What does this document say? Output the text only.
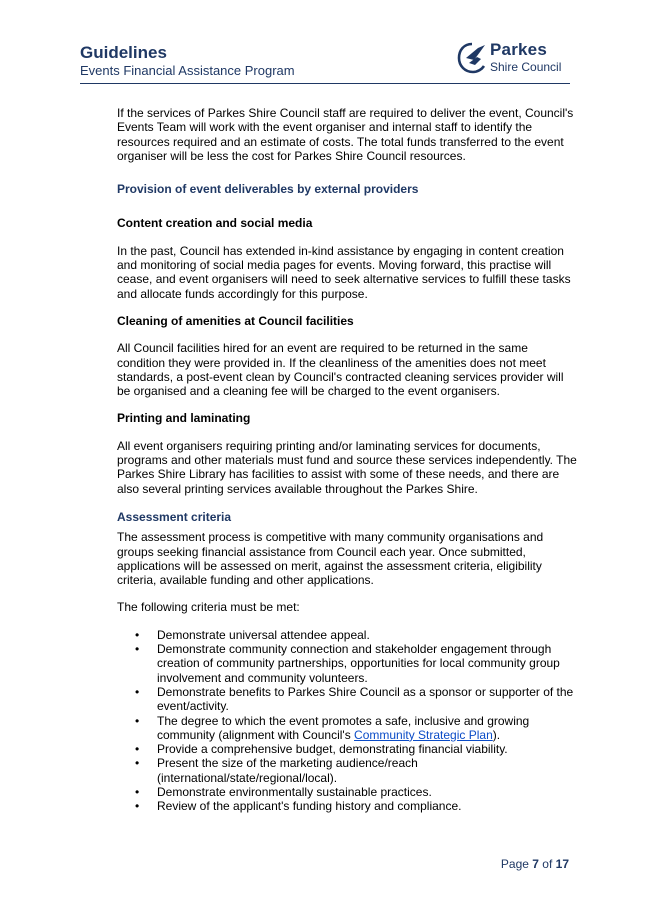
Guidelines
Events Financial Assistance Program
Parkes
Shire Council

If the services of Parkes Shire Council staff are required to deliver the event, Council's Events Team will work with the event organiser and internal staff to identify the resources required and an estimate of costs. The total funds transferred to the event organiser will be less the cost for Parkes Shire Council resources.

Provision of event deliverables by external providers

Content creation and social media

In the past, Council has extended in-kind assistance by engaging in content creation and monitoring of social media pages for events. Moving forward, this practise will cease, and event organisers will need to seek alternative services to fulfill these tasks and allocate funds accordingly for this purpose.

Cleaning of amenities at Council facilities

All Council facilities hired for an event are required to be returned in the same condition they were provided in. If the cleanliness of the amenities does not meet standards, a post-event clean by Council's contracted cleaning services provider will be organised and a cleaning fee will be charged to the event organisers.

Printing and laminating

All event organisers requiring printing and/or laminating services for documents, programs and other materials must fund and source these services independently. The Parkes Shire Library has facilities to assist with some of these needs, and there are also several printing services available throughout the Parkes Shire.

Assessment criteria

The assessment process is competitive with many community organisations and groups seeking financial assistance from Council each year. Once submitted, applications will be assessed on merit, against the assessment criteria, eligibility criteria, available funding and other applications.

The following criteria must be met:

• Demonstrate universal attendee appeal.
• Demonstrate community connection and stakeholder engagement through creation of community partnerships, opportunities for local community group involvement and community volunteers.
• Demonstrate benefits to Parkes Shire Council as a sponsor or supporter of the event/activity.
• The degree to which the event promotes a safe, inclusive and growing community (alignment with Council's Community Strategic Plan).
• Provide a comprehensive budget, demonstrating financial viability.
• Present the size of the marketing audience/reach (international/state/regional/local).
• Demonstrate environmentally sustainable practices.
• Review of the applicant's funding history and compliance.
Page 7 of 17
